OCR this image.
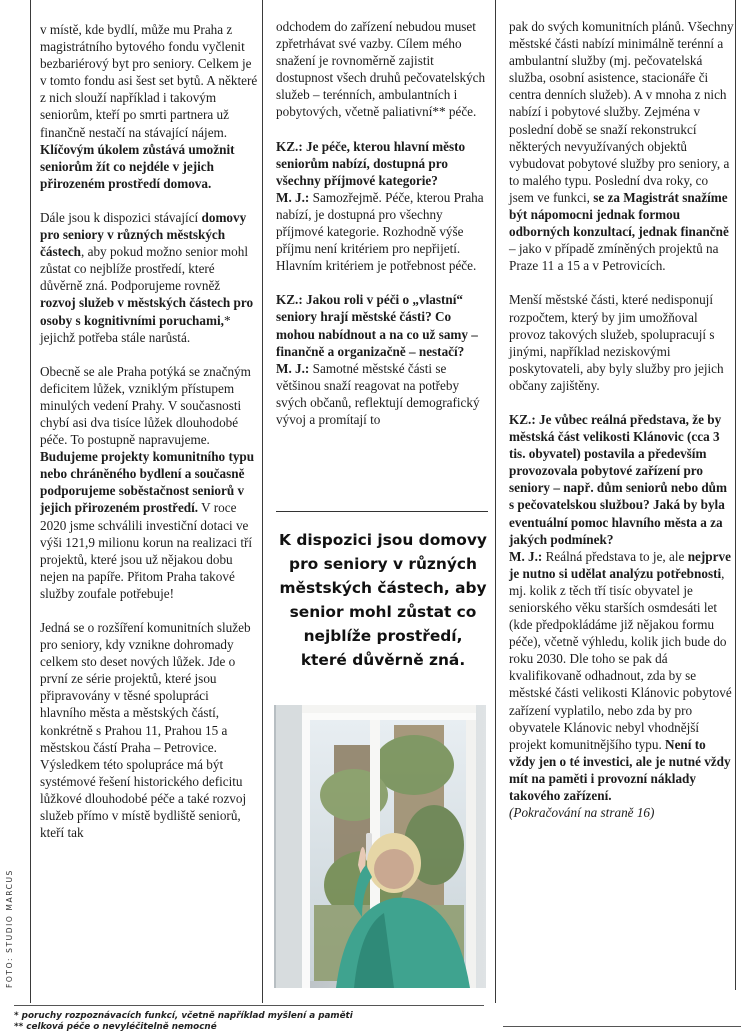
v místě, kde bydlí, může mu Praha z magistrátního bytového fondu vyčlenit bezbariérový byt pro seniory. Celkem je v tomto fondu asi šest set bytů. A některé z nich slouží například i takovým seniorům, kteří po smrti partnera už finančně nestačí na stávající nájem. Klíčovým úkolem zůstává umožnit seniorům žít co nejdéle v jejich přirozeném prostředí domova.

Dále jsou k dispozici stávající domovy pro seniory v různých městských částech, aby pokud možno senior mohl zůstat co nejblíže prostředí, které důvěrně zná. Podporujeme rovněž rozvoj služeb v městských částech pro osoby s kognitivními poruchami,* jejichž potřeba stále narůstá.

Obecně se ale Praha potýká se značným deficitem lůžek, vzniklým přístupem minulých vedení Prahy. V současnosti chybí asi dva tisíce lůžek dlouhodobé péče. To postupně napravujeme. Budujeme projekty komunitního typu nebo chráněného bydlení a současně podporujeme soběstačnost seniorů v jejich přirozeném prostředí. V roce 2020 jsme schválili investiční dotaci ve výši 121,9 milionu korun na realizaci tří projektů, které jsou už nějakou dobu nejen na papíře. Přitom Praha takové služby zoufale potřebuje!

Jedná se o rozšíření komunitních služeb pro seniory, kdy vznikne dohromady celkem sto deset nových lůžek. Jde o první ze série projektů, které jsou připravovány v těsné spolupráci hlavního města a městských částí, konkrétně s Prahou 11, Prahou 15 a městskou částí Praha – Petrovice. Výsledkem této spolupráce má být systémové řešení historického deficitu lůžkové dlouhodobé péče a také rozvoj služeb přímo v místě bydliště seniorů, kteří tak

odchodem do zařízení nebudou muset zpřetrhávat své vazby. Cílem mého snažení je rovnoměrně zajistit dostupnost všech druhů pečovatelských služeb – terénních, ambulantních i pobytových, včetně paliativní** péče.

KZ.: Je péče, kterou hlavní město seniorům nabízí, dostupná pro všechny příjmové kategorie?
M. J.: Samozřejmě. Péče, kterou Praha nabízí, je dostupná pro všechny příjmové kategorie. Rozhodně výše příjmu není kritériem pro nepřijetí. Hlavním kritériem je potřebnost péče.

KZ.: Jakou roli v péči o „vlastní“ seniory hrají městské části? Co mohou nabídnout a na co už samy – finančně a organizačně – nestačí?
M. J.: Samotné městské části se většinou snaží reagovat na potřeby svých občanů, reflektují demografický vývoj a promítají to

K dispozici jsou domovy pro seniory v různých městských částech, aby senior mohl zůstat co nejblíže prostředí, které důvěrně zná.

pak do svých komunitních plánů. Všechny městské části nabízí minimálně terénní a ambulantní služby (mj. pečovatelská služba, osobní asistence, stacionáře či centra denních služeb). A v mnoha z nich nabízí i pobytové služby. Zejména v poslední době se snaží rekonstrukcí některých nevyužívaných objektů vybudovat pobytové služby pro seniory, a to malého typu. Poslední dva roky, co jsem ve funkci, se za Magistrát snažíme být nápomocni jednak formou odborných konzultací, jednak finančně – jako v případě zmíněných projektů na Praze 11 a 15 a v Petrovicích.

Menší městské části, které nedisponují rozpočtem, který by jim umožňoval provoz takových služeb, spolupracují s jinými, například neziskovými poskytovateli, aby byly služby pro jejich občany zajištěny.

KZ.: Je vůbec reálná představa, že by městská část velikosti Klánovic (cca 3 tis. obyvatel) postavila a především provozovala pobytové zařízení pro seniory – např. dům seniorů nebo dům s pečovatelskou službou? Jaká by byla eventuální pomoc hlavního města a za jakých podmínek?
M. J.: Reálná představa to je, ale nejprve je nutno si udělat analýzu potřebnosti, mj. kolik z těch tří tisíc obyvatel je seniorského věku starších osmdesáti let (kde předpokládáme již nějakou formu péče), včetně výhledu, kolik jich bude do roku 2030. Dle toho se pak dá kvalifikovaně odhadnout, zda by se městské části velikosti Klánovic pobytové zařízení vyplatilo, nebo zda by pro obyvatele Klánovic nebyl vhodnější projekt komunitnějšího typu. Není to vždy jen o té investici, ale je nutné vždy mít na paměti i provozní náklady takového zařízení.
(Pokračování na straně 16)

FOTO: STUDIO MARCUS
* poruchy rozpoznávacích funkcí, včetně například myšlení a paměti
** celková péče o nevyléčitelně nemocné
